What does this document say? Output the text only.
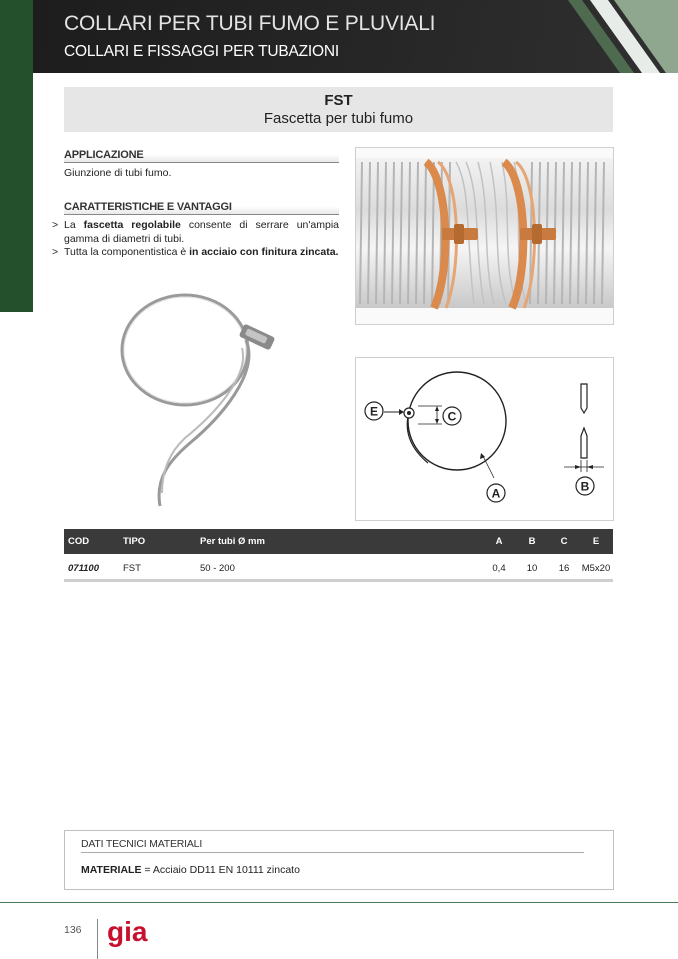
COLLARI PER TUBI FUMO E PLUVIALI
COLLARI E FISSAGGI PER TUBAZIONI
FST
Fascetta per tubi fumo
APPLICAZIONE
Giunzione di tubi fumo.
CARATTERISTICHE E VANTAGGI
> La fascetta regolabile consente di serrare un'ampia gamma di diametri di tubi.
> Tutta la componentistica è in acciaio con finitura zincata.
A	B
C
E
COD	TIPO	Per tubi Ø mm	A	B	C	E
071100	FST	50 - 200	0,4	10	16	M5x20
DATI TECNICI MATERIALI
MATERIALE = Acciaio DD11 EN 10111 zincato
136 gia
